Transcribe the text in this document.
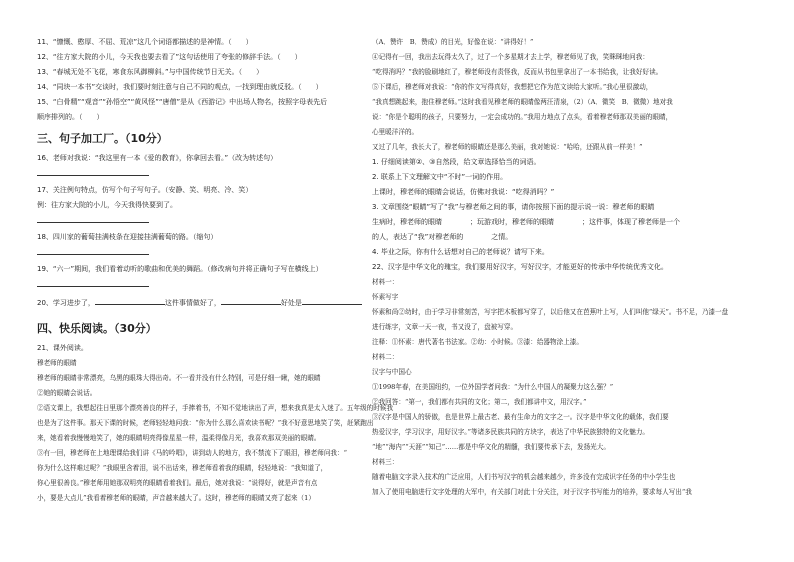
11、“慷慨、憨厚、不屈、荒凉”这几个词语都描述的是神情。（　　）
12、“往方家大院的小儿，今天我也要去看了”这句话使用了夸张的修辞手法。（　　）
13、“春城无处不飞花，寒食东风御柳斜。”与中国传统节日无关。（　　）
14、“同块一本书”交谈时，我们要时刻注意与自己不同的观点，一找到理由就反驳。（　　）
15、“白骨精”“观音”“孙悟空”“黄风怪”“唐僧”是从《西游记》中出场人物名，按照字母表先后
顺序排列的。（　　）
三、句子加工厂。（10分）
16、老师对我说：“我这里有一本《爱的教育》，你拿回去看。”（改为转述句）
17、关注例句特点，仿写个句子写句子。（安静、笑、明亮、冷、笑）
例：往方家大院的小儿，今天我得快要到了。
18、四川家的葡萄挂满枝条在迎接挂满葡萄的路。（缩句）
19、“六一”期间，我们看着动听的歌曲和优美的舞蹈。（修改病句并将正确句子写在横线上）
20、学习进步了，	这件事情做好了，	好处是
四、快乐阅读。（30分）
21、课外阅读。
穆老师的眼睛
穆老师的眼睛非常漂亮，乌黑的眼珠大得出奇。不一看并没有什么特别，可是仔细一瞅，她的眼睛
②她的眼睛会说话。
②语文课上，我想起往日里那个漂亮善良的样子，手捧着书，不知不觉地读出了声，想来我真是太入迷了。五年级的时候我
也是为了这件事。那天下课的时候，老师轻轻地问我：“你为什么那么喜欢读书呢？”我不好意思地笑了笑，赶紧跑出
来，她看着我慢慢地笑了，她的眼睛明亮得像星星一样，温柔得像月光，我喜欢那双美丽的眼睛。
③有一回，穆老师在上地理课给我们讲《马的吟唱》，讲到动人的地方，我不禁流下了眼泪，穆老师问我：“
你为什么这样难过呢？”我眼里含着泪，说不出话来，穆老师看着我的眼睛，轻轻地说：“我知道了，
你心里很善良。”穆老师用她那双明亮的眼睛看着我们。最后，她对我说：“说得好，就是声音有点
小，要是大点儿”我看着穆老师的眼睛，声音越来越大了。这时，穆老师的眼睛又亮了起来（1）
（A．赞许　B．赞成）的目光，好像在说：“讲得好！”
④记得有一回，我出去玩得太久了，过了一个多星期才去上学，穆老师见了我，笑眯眯地问我：
“吃得消吗？”我的脸刷地红了，穆老师没有责怪我，反而从书包里拿出了一本书给我，让我好好读。
⑤下课后，穆老师对我说：“你的作文写得真好，我想把它作为范文读给大家听。”我心里很激动，
“我真想跳起来，抱住穆老师。”这时我看见穆老师的眼睛像两汪清泉，（2）（A．微笑　B．微微）地对我
说：“你是个聪明的孩子，只要努力，一定会成功的。”我用力地点了点头，看着穆老师那双美丽的眼睛，
心里暖洋洋的。　　　　　　　　　　　　　　　　　　　　　　　　　　　　　　　　　　　　　　　　　
又过了几年，我长大了，穆老师的眼睛还是那么美丽，我对她说：“哈哈，还跟从前一样美！”
1. 仔细阅读第②、③自然段，给文章选择恰当的词语。
2. 联系上下文理解文中“不时”一词的作用。
上课时，穆老师的眼睛会说话，仿佛对我说：“吃得消吗？”
3. 文章围绕“眼睛”写了“我”与穆老师之间的事，请你按照下面的提示说一说：穆老师的眼睛
生病时，穆老师的眼睛　　　　；玩游戏时，穆老师的眼睛　　　　；这件事，体现了穆老师是一个
的人，表达了“我”对穆老师的　　　　之情。
4. 毕业之际，你有什么话想对自己的老师说？请写下来。
22、汉字是中华文化的瑰宝，我们要用好汉字，写好汉字，才能更好的传承中华传统优秀文化。
材料一：
怀素写字
怀素和尚②幼时，由于学习非常刻苦，写字把木板都写穿了，以后他又在芭蕉叶上写，人们叫他“绿天”。书不足，乃漆一盘
进行练字，文章一天一夜，书又没了，盘被写穿。
注释：①怀素：唐代著名书法家。②幼：小时候。③漆：给器物涂上漆。
材料二：
汉字与中国心
①1998年春，在美国纽约，一位外国学者问我：“为什么中国人的凝聚力这么强？”
②我回答：“第一，我们都有共同的文化；第二，我们都讲中文，用汉字。”
③汉字是中国人的骄傲，也是世界上最古老、最有生命力的文字之一。汉字是中华文化的载体，我们要
热爱汉字，学习汉字，用好汉字。”等诸多民族共同的方块字，表达了中华民族独特的文化魅力。
“地”“海内”“天涯”“知己”……都是中华文化的精髓，我们要传承下去，发扬光大。
材料三：
随着电脑文字录入技术的广泛应用，人们书写汉字的机会越来越少，许多没有完成识字任务的中小学生也
加入了使用电脑进行文字处理的大军中，有关部门对此十分关注，对于汉字书写能力的培养，要求每人写出“我
